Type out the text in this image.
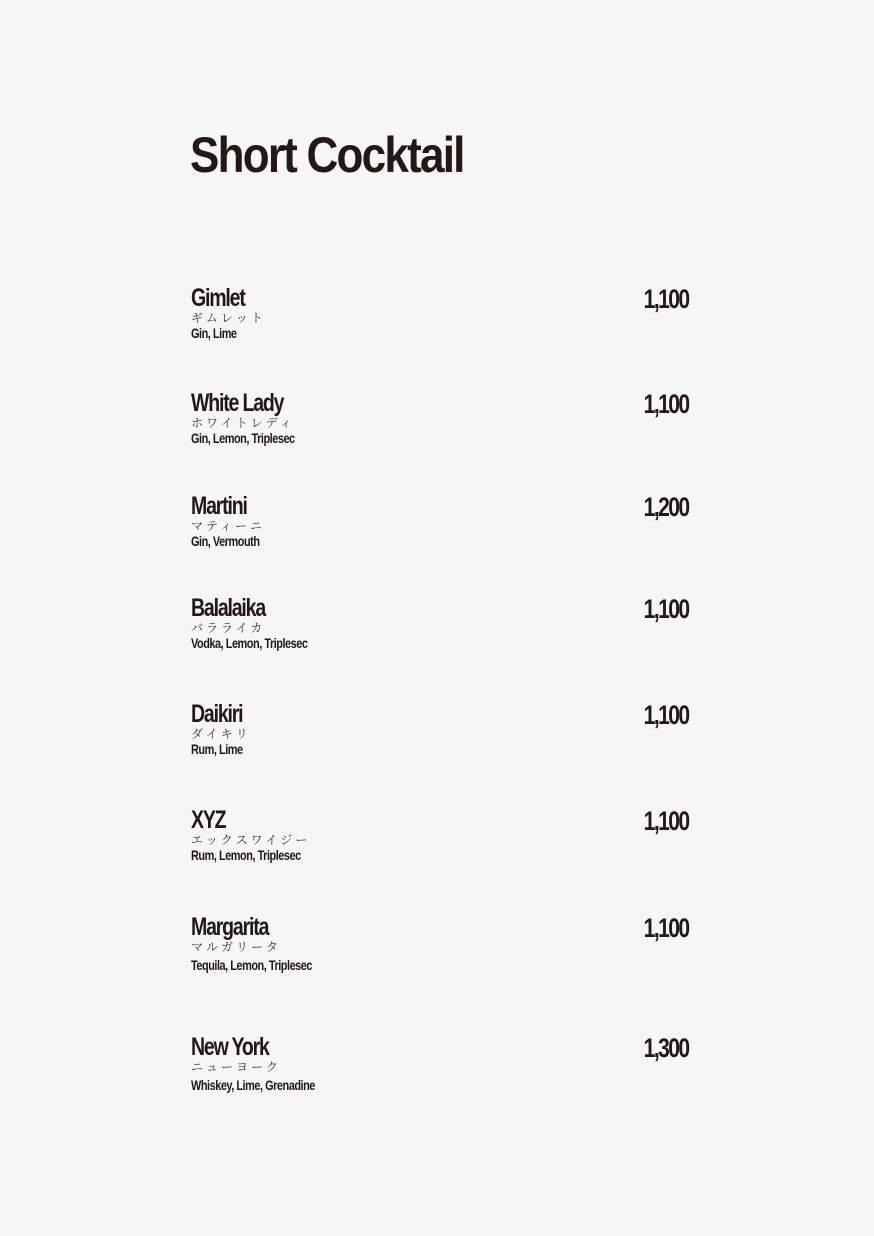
Short Cocktail
Gimlet
ギムレット
Gin, Lime
1,100
White Lady
ホワイトレディ
Gin, Lemon, Triplesec
1,100
Martini
マティーニ
Gin, Vermouth
1,200
Balalaika
バラライカ
Vodka, Lemon, Triplesec
1,100
Daikiri
ダイキリ
Rum, Lime
1,100
XYZ
エックスワイジー
Rum, Lemon, Triplesec
1,100
Margarita
マルガリータ
Tequila, Lemon, Triplesec
1,100
New York
ニューヨーク
Whiskey, Lime, Grenadine
1,300
